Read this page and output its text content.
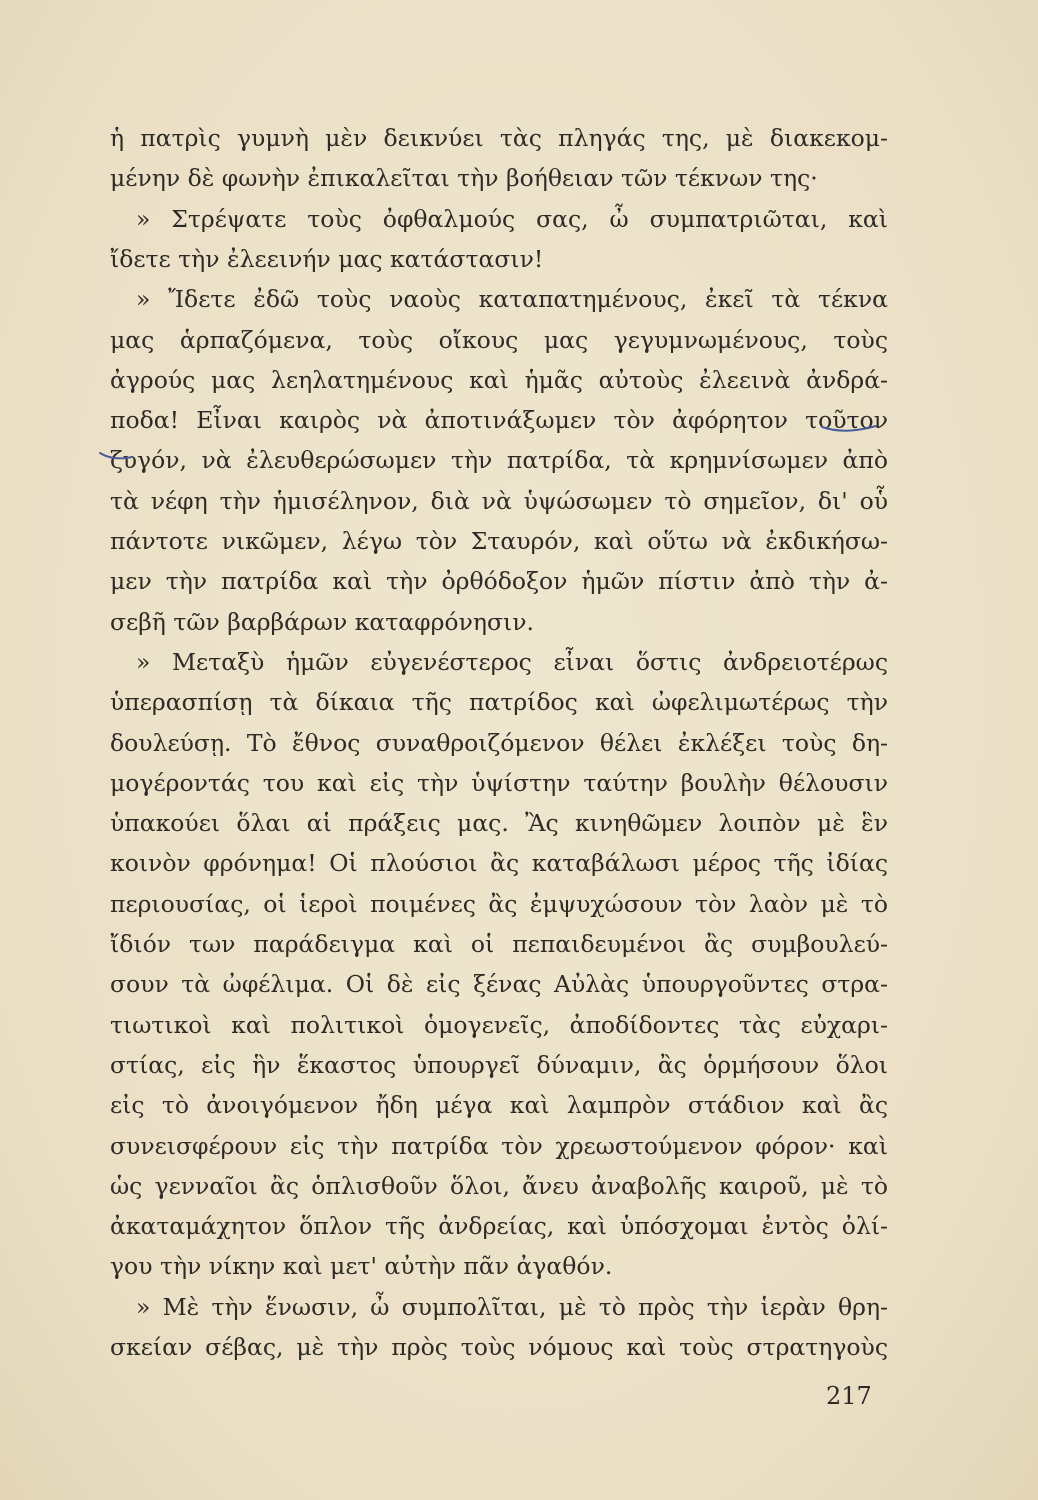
ἡ πατρὶς γυμνὴ μὲν δεικνύει τὰς πληγάς της, μὲ διακεκομ-
μένην δὲ φωνὴν ἐπικαλεῖται τὴν βοήθειαν τῶν τέκνων της·
» Στρέψατε τοὺς ὀφθαλμούς σας, ὦ συμπατριῶται, καὶ
ἴδετε τὴν ἐλεεινήν μας κατάστασιν!
» Ἴδετε ἐδῶ τοὺς ναοὺς καταπατημένους, ἐκεῖ τὰ τέκνα
μας ἁρπαζόμενα, τοὺς οἴκους μας γεγυμνωμένους, τοὺς
ἀγρούς μας λεηλατημένους καὶ ἡμᾶς αὐτοὺς ἐλεεινὰ ἀνδρά-
ποδα! Εἶναι καιρὸς νὰ ἀποτινάξωμεν τὸν ἀφόρητον τοῦτον
ζυγόν, νὰ ἐλευθερώσωμεν τὴν πατρίδα, τὰ κρημνίσωμεν ἀπὸ
τὰ νέφη τὴν ἡμισέληνον, διὰ νὰ ὑψώσωμεν τὸ σημεῖον, δι' οὗ
πάντοτε νικῶμεν, λέγω τὸν Σταυρόν, καὶ οὕτω νὰ ἐκδικήσω-
μεν τὴν πατρίδα καὶ τὴν ὀρθόδοξον ἡμῶν πίστιν ἀπὸ τὴν ἀ-
σεβῆ τῶν βαρβάρων καταφρόνησιν.
» Μεταξὺ ἡμῶν εὐγενέστερος εἶναι ὅστις ἀνδρειοτέρως
ὑπερασπίσῃ τὰ δίκαια τῆς πατρίδος καὶ ὠφελιμωτέρως τὴν
δουλεύσῃ. Τὸ ἔθνος συναθροιζόμενον θέλει ἐκλέξει τοὺς δη-
μογέροντάς του καὶ εἰς τὴν ὑψίστην ταύτην βουλὴν θέλουσιν
ὑπακούει ὅλαι αἱ πράξεις μας. Ἂς κινηθῶμεν λοιπὸν μὲ ἓν
κοινὸν φρόνημα! Οἱ πλούσιοι ἂς καταβάλωσι μέρος τῆς ἰδίας
περιουσίας, οἱ ἱεροὶ ποιμένες ἂς ἐμψυχώσουν τὸν λαὸν μὲ τὸ
ἴδιόν των παράδειγμα καὶ οἱ πεπαιδευμένοι ἂς συμβουλεύ-
σουν τὰ ὠφέλιμα. Οἱ δὲ εἰς ξένας Αὐλὰς ὑπουργοῦντες στρα-
τιωτικοὶ καὶ πολιτικοὶ ὁμογενεῖς, ἀποδίδοντες τὰς εὐχαρι-
στίας, εἰς ἣν ἕκαστος ὑπουργεῖ δύναμιν, ἂς ὁρμήσουν ὅλοι
εἰς τὸ ἀνοιγόμενον ἤδη μέγα καὶ λαμπρὸν στάδιον καὶ ἂς
συνεισφέρουν εἰς τὴν πατρίδα τὸν χρεωστούμενον φόρον· καὶ
ὡς γενναῖοι ἂς ὁπλισθοῦν ὅλοι, ἄνευ ἀναβολῆς καιροῦ, μὲ τὸ
ἀκαταμάχητον ὅπλον τῆς ἀνδρείας, καὶ ὑπόσχομαι ἐντὸς ὀλί-
γου τὴν νίκην καὶ μετ' αὐτὴν πᾶν ἀγαθόν.
» Μὲ τὴν ἕνωσιν, ὦ συμπολῖται, μὲ τὸ πρὸς τὴν ἱερὰν θρη-
σκείαν σέβας, μὲ τὴν πρὸς τοὺς νόμους καὶ τοὺς στρατηγοὺς
217
